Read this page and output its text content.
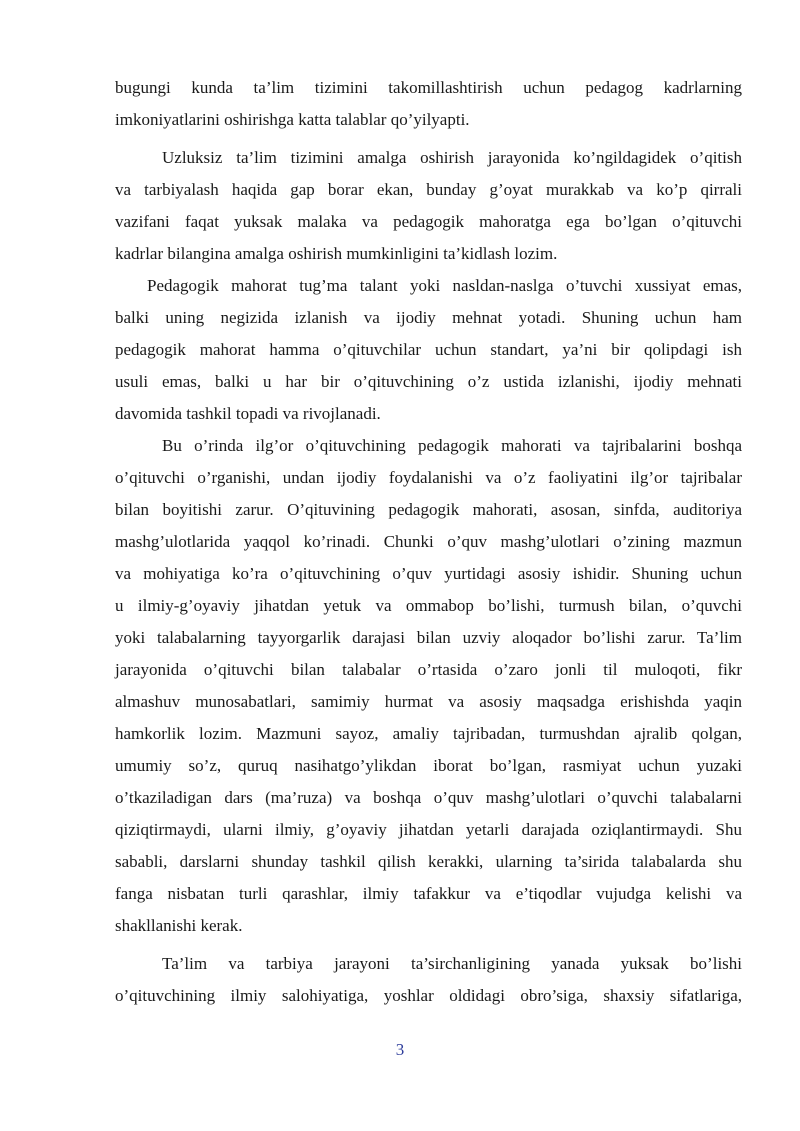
bugungi kunda ta’lim tizimini takomillashtirish uchun pedagog kadrlarning
imkoniyatlarini oshirishga katta talablar qo’yilyapti.
Uzluksiz ta’lim tizimini amalga oshirish jarayonida ko’ngildagidek o’qitish
va tarbiyalash haqida gap borar ekan, bunday g’oyat murakkab va ko’p qirrali
vazifani faqat yuksak malaka va pedagogik mahoratga ega bo’lgan o’qituvchi
kadrlar bilangina amalga oshirish mumkinligini ta’kidlash lozim.
Pedagogik mahorat tug’ma talant yoki nasldan-naslga o’tuvchi xussiyat emas,
balki uning negizida izlanish va ijodiy mehnat yotadi. Shuning uchun ham
pedagogik mahorat hamma o’qituvchilar uchun standart, ya’ni bir qolipdagi ish
usuli emas, balki u har bir o’qituvchining o’z ustida izlanishi, ijodiy mehnati
davomida tashkil topadi va rivojlanadi.
Bu o’rinda ilg’or o’qituvchining pedagogik mahorati va tajribalarini boshqa
o’qituvchi o’rganishi, undan ijodiy foydalanishi va o’z faoliyatini ilg’or tajribalar
bilan boyitishi zarur. O’qituvining pedagogik mahorati, asosan, sinfda, auditoriya
mashg’ulotlarida yaqqol ko’rinadi. Chunki o’quv mashg’ulotlari o’zining mazmun
va mohiyatiga ko’ra o’qituvchining o’quv yurtidagi asosiy ishidir. Shuning uchun
u ilmiy-g’oyaviy jihatdan yetuk va ommabop bo’lishi, turmush bilan, o’quvchi
yoki talabalarning tayyorgarlik darajasi bilan uzviy aloqador bo’lishi zarur. Ta’lim
jarayonida o’qituvchi bilan talabalar o’rtasida o’zaro jonli til muloqoti, fikr
almashuv munosabatlari, samimiy hurmat va asosiy maqsadga erishishda yaqin
hamkorlik lozim. Mazmuni sayoz, amaliy tajribadan, turmushdan ajralib qolgan,
umumiy so’z, quruq nasihatgo’ylikdan iborat bo’lgan, rasmiyat uchun yuzaki
o’tkaziladigan dars (ma’ruza) va boshqa o’quv mashg’ulotlari o’quvchi talabalarni
qiziqtirmaydi, ularni ilmiy, g’oyaviy jihatdan yetarli darajada oziqlantirmaydi. Shu
sababli, darslarni shunday tashkil qilish kerakki, ularning ta’sirida talabalarda shu
fanga nisbatan turli qarashlar, ilmiy tafakkur va e’tiqodlar vujudga kelishi va
shakllanishi kerak.
Ta’lim va tarbiya jarayoni ta’sirchanligining yanada yuksak bo’lishi
o’qituvchining ilmiy salohiyatiga, yoshlar oldidagi obro’siga, shaxsiy sifatlariga,
3
